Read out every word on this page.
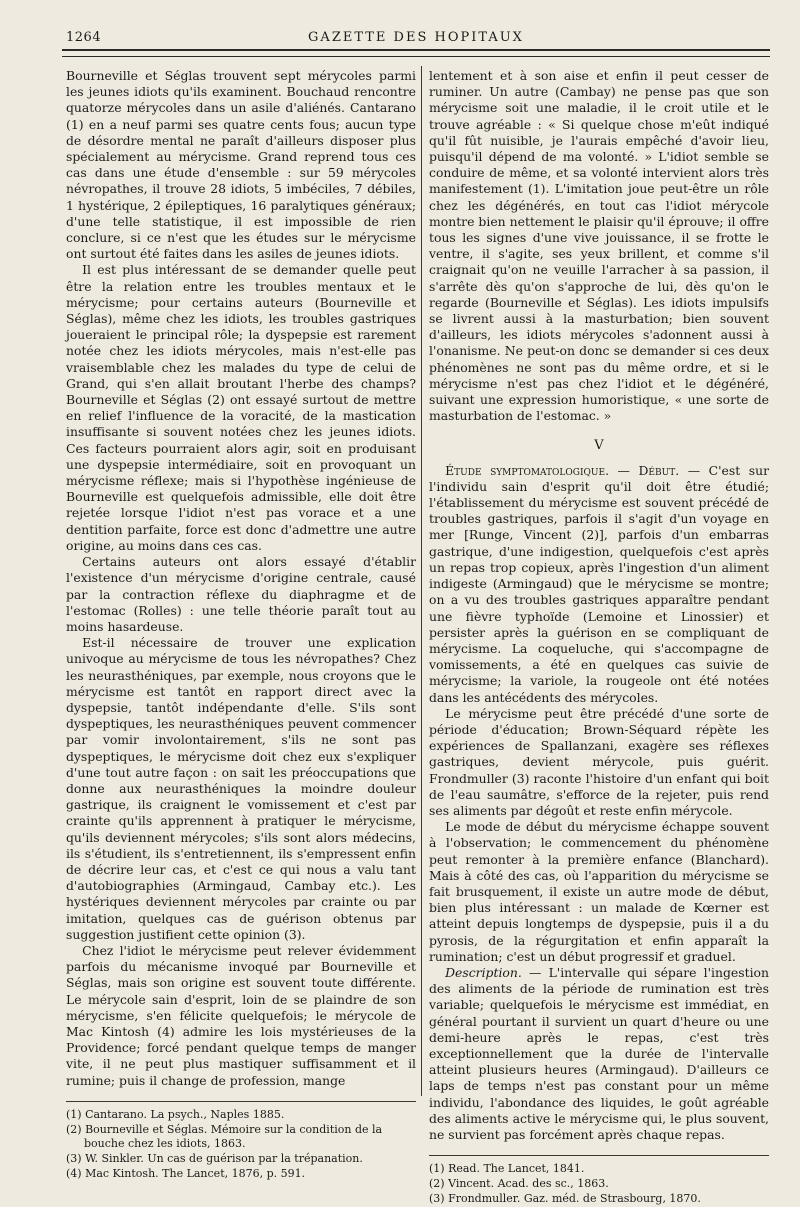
1264	GAZETTE DES HOPITAUX

Bourneville et Séglas trouvent sept mérycoles parmi les jeunes idiots qu'ils examinent. Bouchaud rencontre quatorze mérycoles dans un asile d'aliénés. Cantarano (1) en a neuf parmi ses quatre cents fous; aucun type de désordre mental ne paraît d'ailleurs disposer plus spécialement au mérycisme. Grand reprend tous ces cas dans une étude d'ensemble : sur 59 mérycoles névropathes, il trouve 28 idiots, 5 imbéciles, 7 débiles, 1 hystérique, 2 épileptiques, 16 paralytiques généraux; d'une telle statistique, il est impossible de rien conclure, si ce n'est que les études sur le mérycisme ont surtout été faites dans les asiles de jeunes idiots.

Il est plus intéressant de se demander quelle peut être la relation entre les troubles mentaux et le mérycisme; pour certains auteurs (Bourneville et Séglas), même chez les idiots, les troubles gastriques joueraient le principal rôle; la dyspepsie est rarement notée chez les idiots mérycoles, mais n'est-elle pas vraisemblable chez les malades du type de celui de Grand, qui s'en allait broutant l'herbe des champs? Bourneville et Séglas (2) ont essayé surtout de mettre en relief l'influence de la voracité, de la mastication insuffisante si souvent notées chez les jeunes idiots. Ces facteurs pourraient alors agir, soit en produisant une dyspepsie intermédiaire, soit en provoquant un mérycisme réflexe; mais si l'hypothèse ingénieuse de Bourneville est quelquefois admissible, elle doit être rejetée lorsque l'idiot n'est pas vorace et a une dentition parfaite, force est donc d'admettre une autre origine, au moins dans ces cas.

Certains auteurs ont alors essayé d'établir l'existence d'un mérycisme d'origine centrale, causé par la contraction réflexe du diaphragme et de l'estomac (Rolles) : une telle théorie paraît tout au moins hasardeuse.

Est-il nécessaire de trouver une explication univoque au mérycisme de tous les névropathes? Chez les neurasthéniques, par exemple, nous croyons que le mérycisme est tantôt en rapport direct avec la dyspepsie, tantôt indépendante d'elle. S'ils sont dyspeptiques, les neurasthéniques peuvent commencer par vomir involontairement, s'ils ne sont pas dyspeptiques, le mérycisme doit chez eux s'expliquer d'une tout autre façon : on sait les préoccupations que donne aux neurasthéniques la moindre douleur gastrique, ils craignent le vomissement et c'est par crainte qu'ils apprennent à pratiquer le mérycisme, qu'ils deviennent mérycoles; s'ils sont alors médecins, ils s'étudient, ils s'entretiennent, ils s'empressent enfin de décrire leur cas, et c'est ce qui nous a valu tant d'autobiographies (Armingaud, Cambay etc.). Les hystériques deviennent mérycoles par crainte ou par imitation, quelques cas de guérison obtenus par suggestion justifient cette opinion (3).

Chez l'idiot le mérycisme peut relever évidemment parfois du mécanisme invoqué par Bourneville et Séglas, mais son origine est souvent toute différente. Le mérycole sain d'esprit, loin de se plaindre de son mérycisme, s'en félicite quelquefois; le mérycole de Mac Kintosh (4) admire les lois mystérieuses de la Providence; forcé pendant quelque temps de manger vite, il ne peut plus mastiquer suffisamment et il rumine; puis il change de profession, mange

(1) Cantarano. La psych., Naples 1885.
(2) Bourneville et Séglas. Mémoire sur la condition de la bouche chez les idiots, 1863.
(3) W. Sinkler. Un cas de guérison par la trépanation.
(4) Mac Kintosh. The Lancet, 1876, p. 591.

lentement et à son aise et enfin il peut cesser de ruminer. Un autre (Cambay) ne pense pas que son mérycisme soit une maladie, il le croit utile et le trouve agréable : « Si quelque chose m'eût indiqué qu'il fût nuisible, je l'aurais empêché d'avoir lieu, puisqu'il dépend de ma volonté. » L'idiot semble se conduire de même, et sa volonté intervient alors très manifestement (1). L'imitation joue peut-être un rôle chez les dégénérés, en tout cas l'idiot mérycole montre bien nettement le plaisir qu'il éprouve; il offre tous les signes d'une vive jouissance, il se frotte le ventre, il s'agite, ses yeux brillent, et comme s'il craignait qu'on ne veuille l'arracher à sa passion, il s'arrête dès qu'on s'approche de lui, dès qu'on le regarde (Bourneville et Séglas). Les idiots impulsifs se livrent aussi à la masturbation; bien souvent d'ailleurs, les idiots mérycoles s'adonnent aussi à l'onanisme. Ne peut-on donc se demander si ces deux phénomènes ne sont pas du même ordre, et si le mérycisme n'est pas chez l'idiot et le dégénéré, suivant une expression humoristique, « une sorte de masturbation de l'estomac. »

V

Étude symptomatologique. — Début. — C'est sur l'individu sain d'esprit qu'il doit être étudié; l'établissement du mérycisme est souvent précédé de troubles gastriques, parfois il s'agit d'un voyage en mer [Runge, Vincent (2)], parfois d'un embarras gastrique, d'une indigestion, quelquefois c'est après un repas trop copieux, après l'ingestion d'un aliment indigeste (Armingaud) que le mérycisme se montre; on a vu des troubles gastriques apparaître pendant une fièvre typhoïde (Lemoine et Linossier) et persister après la guérison en se compliquant de mérycisme. La coqueluche, qui s'accompagne de vomissements, a été en quelques cas suivie de mérycisme; la variole, la rougeole ont été notées dans les antécédents des mérycoles.

Le mérycisme peut être précédé d'une sorte de période d'éducation; Brown-Séquard répète les expériences de Spallanzani, exagère ses réflexes gastriques, devient mérycole, puis guérit. Frondmuller (3) raconte l'histoire d'un enfant qui boit de l'eau saumâtre, s'efforce de la rejeter, puis rend ses aliments par dégoût et reste enfin mérycole.

Le mode de début du mérycisme échappe souvent à l'observation; le commencement du phénomène peut remonter à la première enfance (Blanchard). Mais à côté des cas, où l'apparition du mérycisme se fait brusquement, il existe un autre mode de début, bien plus intéressant : un malade de Kœrner est atteint depuis longtemps de dyspepsie, puis il a du pyrosis, de la régurgitation et enfin apparaît la rumination; c'est un début progressif et graduel.

Description. — L'intervalle qui sépare l'ingestion des aliments de la période de rumination est très variable; quelquefois le mérycisme est immédiat, en général pourtant il survient un quart d'heure ou une demi-heure après le repas, c'est très exceptionnellement que la durée de l'intervalle atteint plusieurs heures (Armingaud). D'ailleurs ce laps de temps n'est pas constant pour un même individu, l'abondance des liquides, le goût agréable des aliments active le mérycisme qui, le plus souvent, ne survient pas forcément après chaque repas.

(1) Read. The Lancet, 1841.
(2) Vincent. Acad. des sc., 1863.
(3) Frondmuller. Gaz. méd. de Strasbourg, 1870.
